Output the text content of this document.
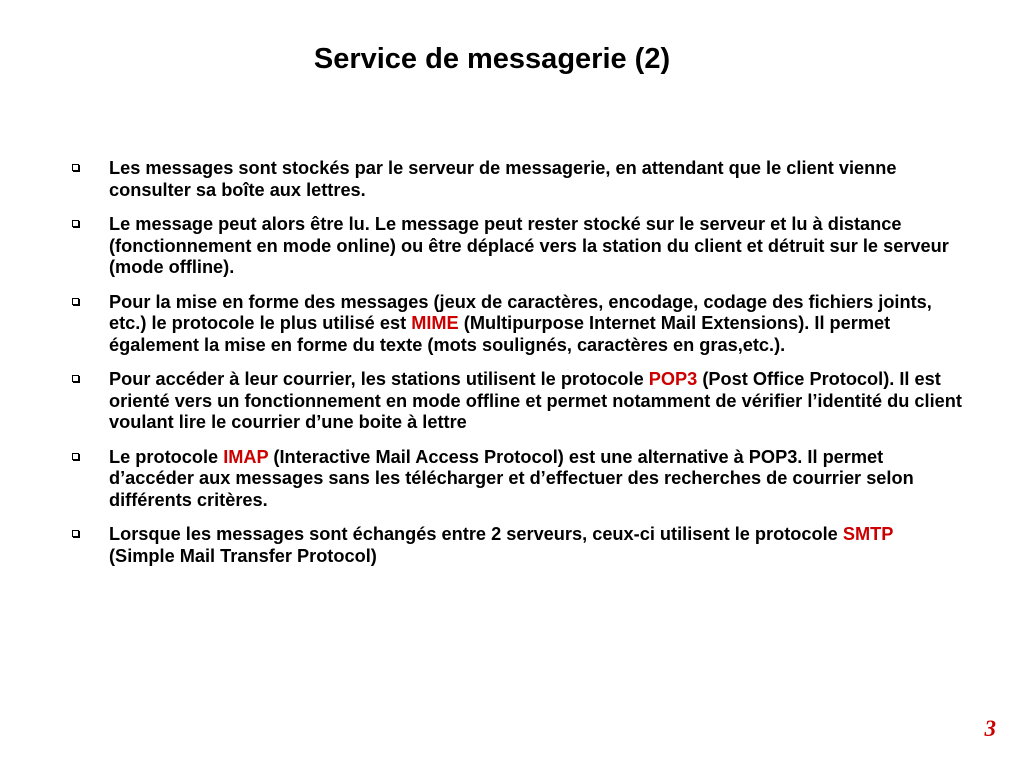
Service de messagerie (2)
Les messages sont stockés par le serveur de messagerie, en attendant que le client vienne consulter sa boîte aux lettres.
Le message peut alors être lu. Le message peut rester stocké sur le serveur et lu à distance (fonctionnement en mode online) ou être déplacé vers la station du client et détruit sur le serveur (mode offline).
Pour la mise en forme des messages (jeux de caractères, encodage, codage des fichiers joints, etc.) le protocole le plus utilisé est MIME (Multipurpose Internet Mail Extensions). Il permet également la mise en forme du texte (mots soulignés, caractères en gras,etc.).
Pour accéder à leur courrier, les stations utilisent le protocole POP3 (Post Office Protocol). Il est orienté vers un fonctionnement en mode offline et permet notamment de vérifier l’identité du client voulant lire le courrier d’une boite à lettre
Le protocole IMAP (Interactive Mail Access Protocol) est une alternative à POP3. Il permet d’accéder aux messages sans les télécharger et d’effectuer des recherches de courrier selon différents critères.
Lorsque les messages sont échangés entre 2 serveurs, ceux-ci utilisent le protocole SMTP (Simple Mail Transfer Protocol)
3
